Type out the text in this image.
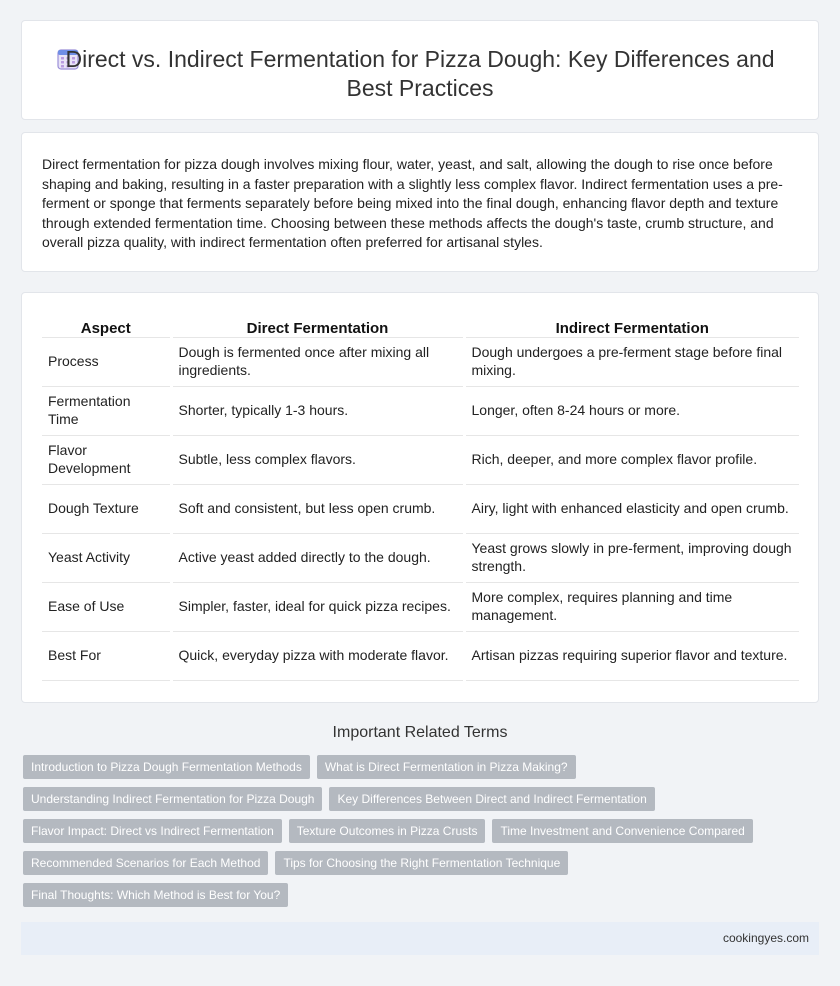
Direct vs. Indirect Fermentation for Pizza Dough: Key Differences and Best Practices

Direct fermentation for pizza dough involves mixing flour, water, yeast, and salt, allowing the dough to rise once before shaping and baking, resulting in a faster preparation with a slightly less complex flavor. Indirect fermentation uses a pre-ferment or sponge that ferments separately before being mixed into the final dough, enhancing flavor depth and texture through extended fermentation time. Choosing between these methods affects the dough's taste, crumb structure, and overall pizza quality, with indirect fermentation often preferred for artisanal styles.

Aspect	Direct Fermentation	Indirect Fermentation
Process	Dough is fermented once after mixing all ingredients.	Dough undergoes a pre-ferment stage before final mixing.
Fermentation Time	Shorter, typically 1-3 hours.	Longer, often 8-24 hours or more.
Flavor Development	Subtle, less complex flavors.	Rich, deeper, and more complex flavor profile.
Dough Texture	Soft and consistent, but less open crumb.	Airy, light with enhanced elasticity and open crumb.
Yeast Activity	Active yeast added directly to the dough.	Yeast grows slowly in pre-ferment, improving dough strength.
Ease of Use	Simpler, faster, ideal for quick pizza recipes.	More complex, requires planning and time management.
Best For	Quick, everyday pizza with moderate flavor.	Artisan pizzas requiring superior flavor and texture.
Important Related Terms
Introduction to Pizza Dough Fermentation Methods	What is Direct Fermentation in Pizza Making?
Understanding Indirect Fermentation for Pizza Dough	Key Differences Between Direct and Indirect Fermentation
Flavor Impact: Direct vs Indirect Fermentation	Texture Outcomes in Pizza Crusts	Time Investment and Convenience Compared
Recommended Scenarios for Each Method	Tips for Choosing the Right Fermentation Technique
Final Thoughts: Which Method is Best for You?
cookingyes.com
